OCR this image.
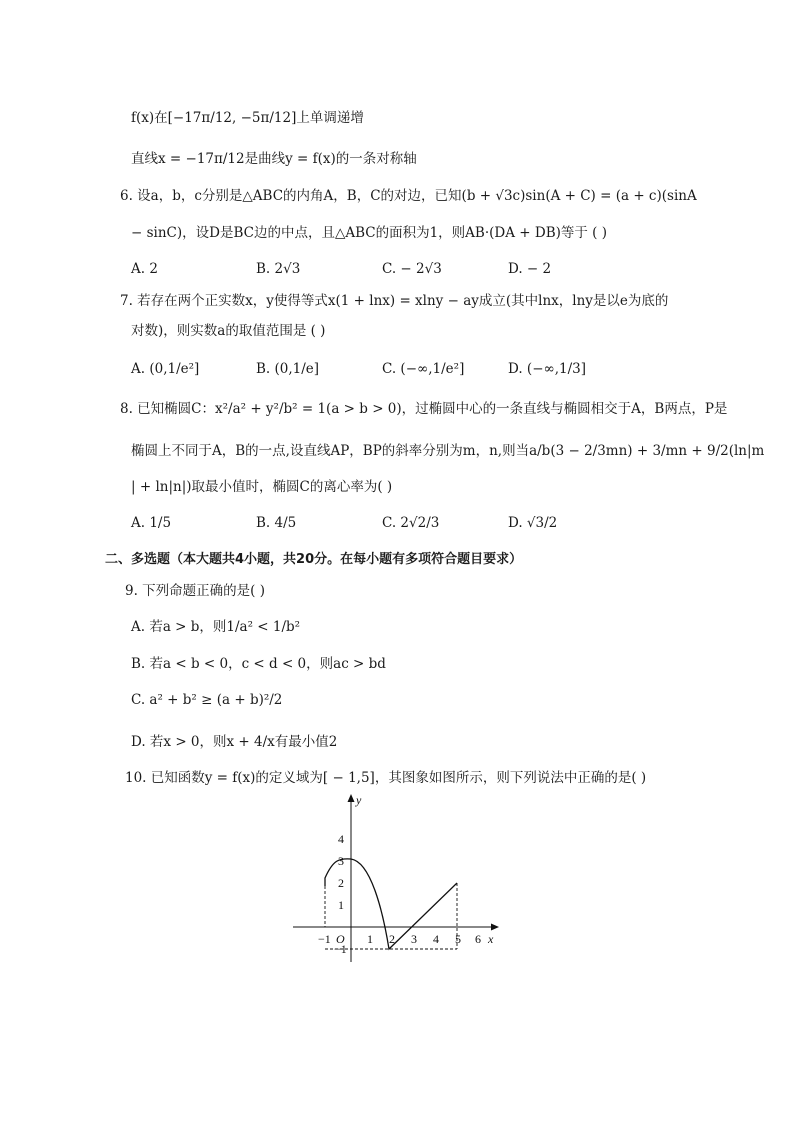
f(x)在[−17π/12, −5π/12]上单调递增
直线x = −17π/12是曲线y = f(x)的一条对称轴
6. 设a，b，c分别是△ABC的内角A，B，C的对边，已知(b + √3c)sin(A + C) = (a + c)(sinA
− sinC)，设D是BC边的中点，且△ABC的面积为1，则AB·(DA + DB)等于 ( )
A. 2	B. 2√3	C. − 2√3	D. − 2
7. 若存在两个正实数x，y使得等式x(1 + lnx) = xlny − ay成立(其中lnx，lny是以e为底的
对数)，则实数a的取值范围是 ( )
A. (0,1/e²]	B. (0,1/e]	C. (−∞,1/e²]	D. (−∞,1/3]
8. 已知椭圆C：x²/a² + y²/b² = 1(a > b > 0)，过椭圆中心的一条直线与椭圆相交于A，B两点，P是
椭圆上不同于A，B的一点,设直线AP，BP的斜率分别为m，n,则当a/b(3 − 2/3mn) + 3/mn + 9/2(ln|m
| + ln|n|)取最小值时，椭圆C的离心率为( )
A. 1/5	B. 4/5	C. 2√2/3	D. √3/2
二、多选题（本大题共4小题，共20分。在每小题有多项符合题目要求）
9. 下列命题正确的是( )
A. 若a > b，则1/a² < 1/b²
B. 若a < b < 0，c < d < 0，则ac > bd
C. a² + b² ≥ (a + b)²/2
D. 若x > 0，则x + 4/x有最小值2
10. 已知函数y = f(x)的定义域为[ − 1,5]，其图象如图所示，则下列说法中正确的是( )
−1 O 1 2 3 4 5 6 x
4
3
2
1
−1
y
